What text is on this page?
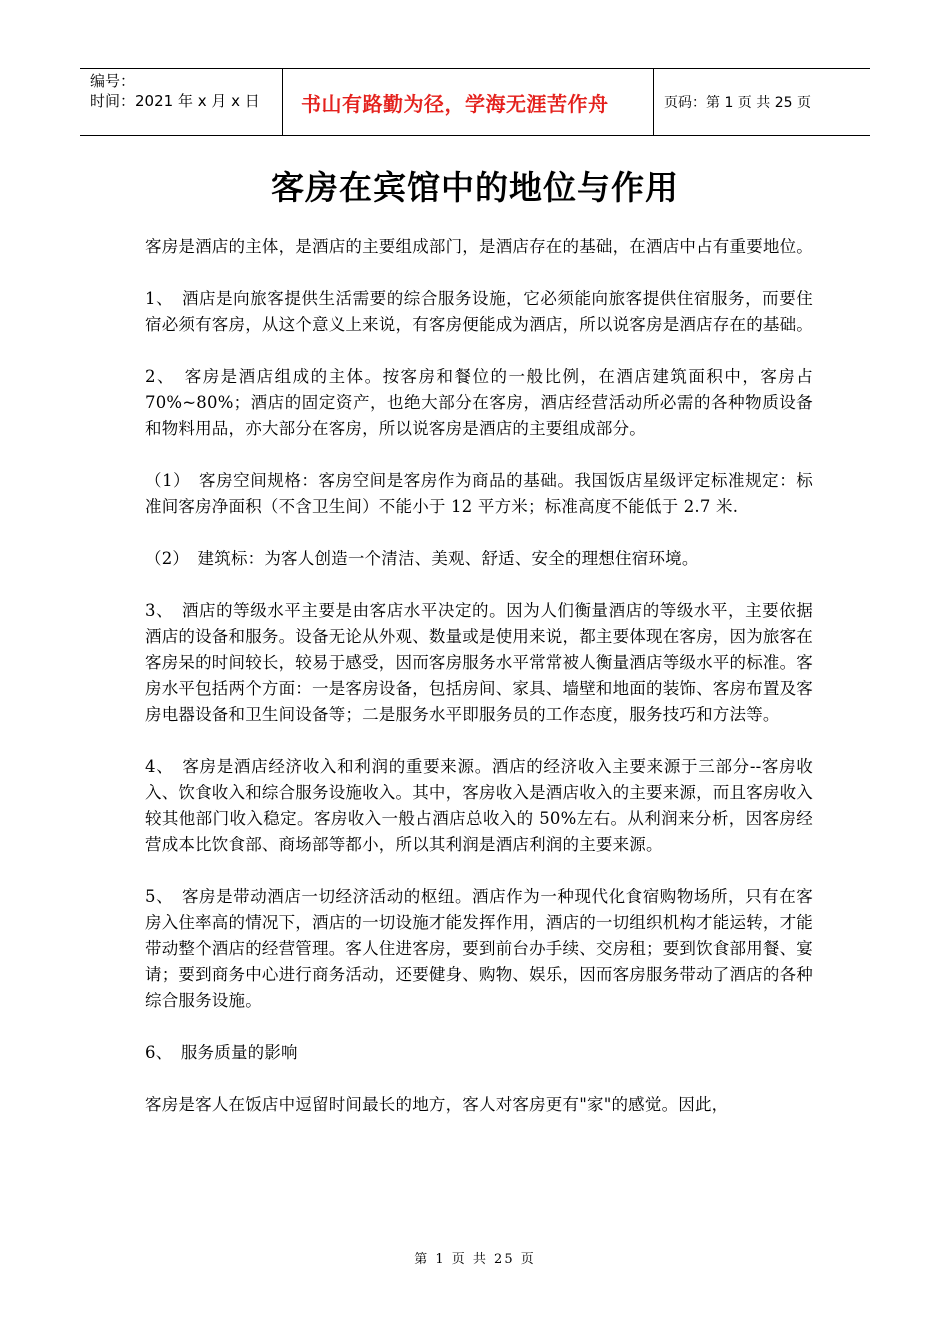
编号：
时间：2021 年 x 月 x 日	书山有路勤为径，学海无涯苦作舟	页码：第 1 页 共 25 页
客房在宾馆中的地位与作用

客房是酒店的主体，是酒店的主要组成部门，是酒店存在的基础，在酒店中占有重要地位。

1、　酒店是向旅客提供生活需要的综合服务设施，它必须能向旅客提供住宿服务，而要住宿必须有客房，从这个意义上来说，有客房便能成为酒店，所以说客房是酒店存在的基础。

2、　客房是酒店组成的主体。按客房和餐位的一般比例，在酒店建筑面积中，客房占 70%~80%；酒店的固定资产，也绝大部分在客房，酒店经营活动所必需的各种物质设备和物料用品，亦大部分在客房，所以说客房是酒店的主要组成部分。

（1）　客房空间规格：客房空间是客房作为商品的基础。我国饭店星级评定标准规定：标准间客房净面积（不含卫生间）不能小于 12 平方米；标准高度不能低于 2.7 米.

（2）　建筑标：为客人创造一个清洁、美观、舒适、安全的理想住宿环境。

3、　酒店的等级水平主要是由客店水平决定的。因为人们衡量酒店的等级水平，主要依据酒店的设备和服务。设备无论从外观、数量或是使用来说，都主要体现在客房，因为旅客在客房呆的时间较长，较易于感受，因而客房服务水平常常被人衡量酒店等级水平的标准。客房水平包括两个方面：一是客房设备，包括房间、家具、墙壁和地面的装饰、客房布置及客房电器设备和卫生间设备等；二是服务水平即服务员的工作态度，服务技巧和方法等。

4、　客房是酒店经济收入和利润的重要来源。酒店的经济收入主要来源于三部分--客房收入、饮食收入和综合服务设施收入。其中，客房收入是酒店收入的主要来源，而且客房收入较其他部门收入稳定。客房收入一般占酒店总收入的 50%左右。从利润来分析，因客房经营成本比饮食部、商场部等都小，所以其利润是酒店利润的主要来源。

5、　客房是带动酒店一切经济活动的枢纽。酒店作为一种现代化食宿购物场所，只有在客房入住率高的情况下，酒店的一切设施才能发挥作用，酒店的一切组织机构才能运转，才能带动整个酒店的经营管理。客人住进客房，要到前台办手续、交房租；要到饮食部用餐、宴请；要到商务中心进行商务活动，还要健身、购物、娱乐，因而客房服务带动了酒店的各种综合服务设施。

6、　服务质量的影响

客房是客人在饭店中逗留时间最长的地方，客人对客房更有"家"的感觉。因此，

第 1 页 共 25 页
